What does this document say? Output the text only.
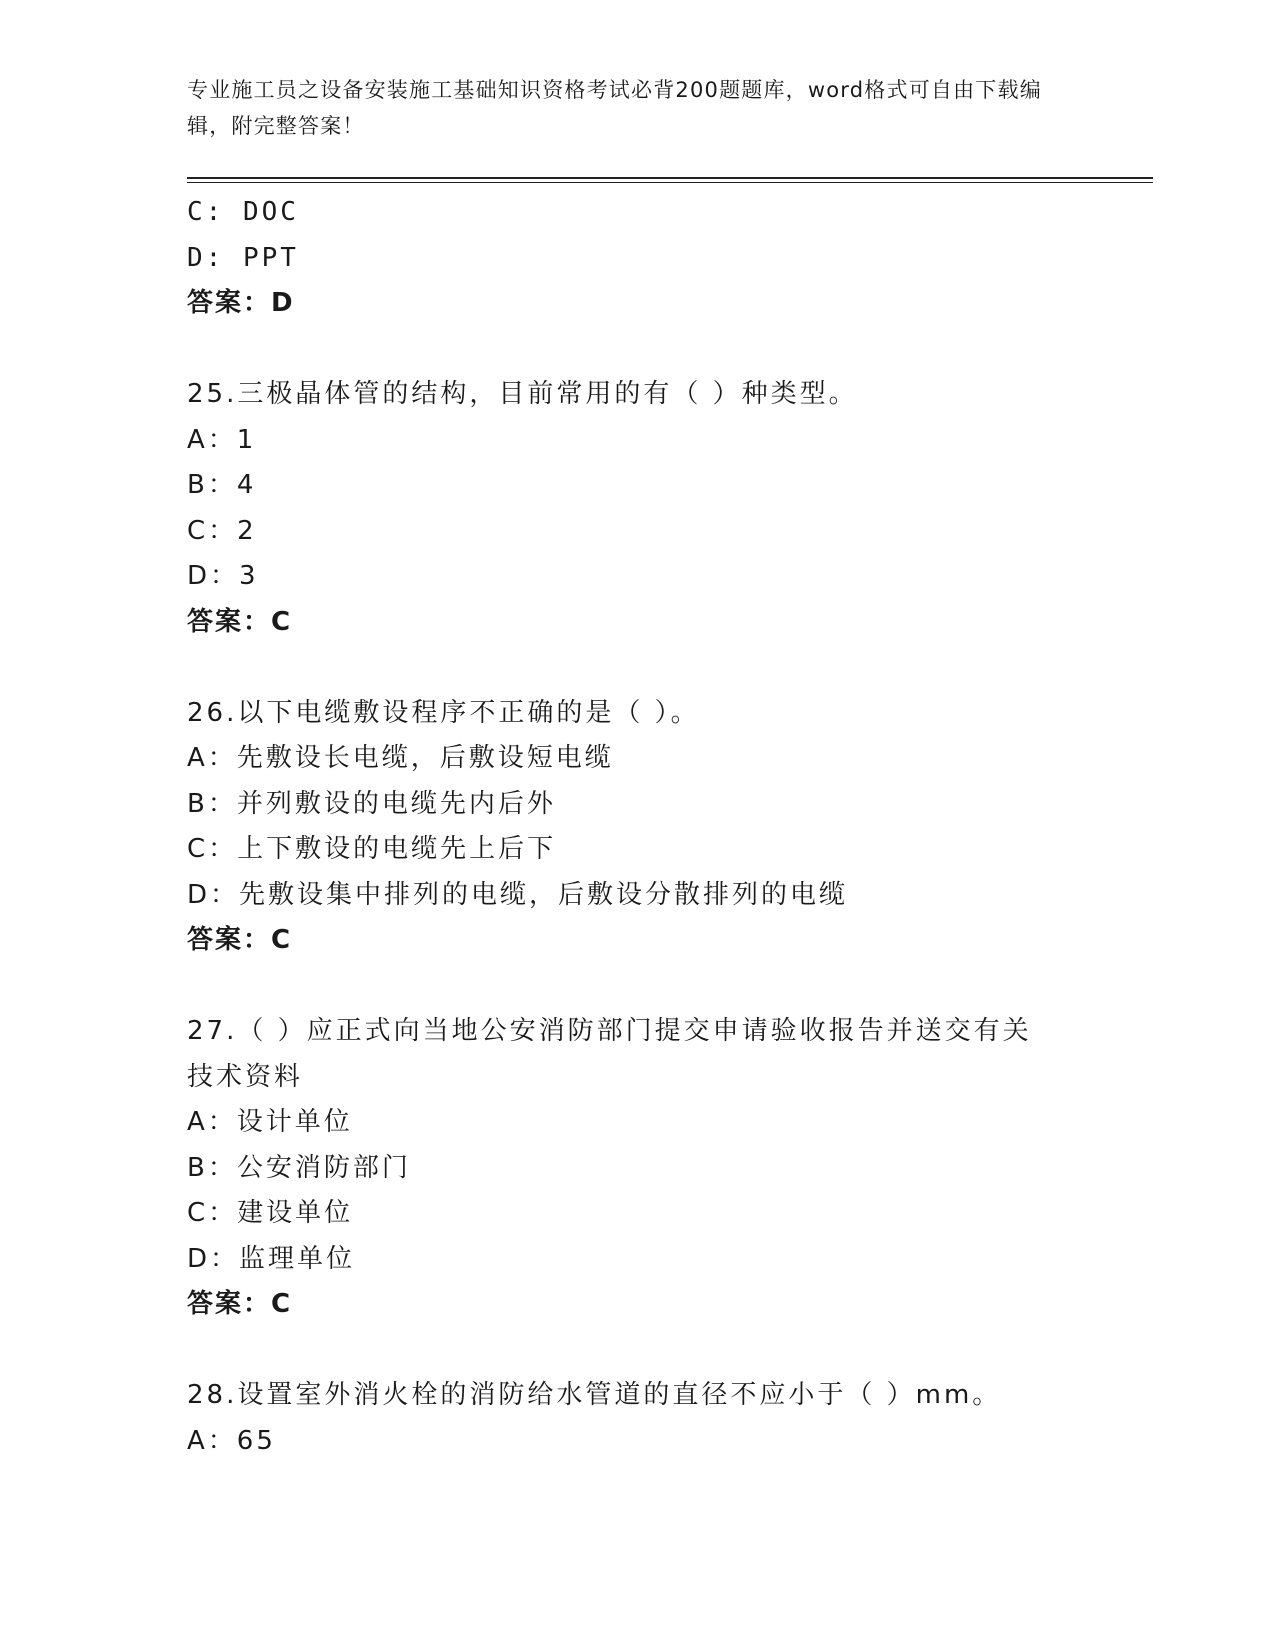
专业施工员之设备安装施工基础知识资格考试必背200题题库，word格式可自由下载编辑，附完整答案！
C: DOC
D: PPT
答案：D
25.三极晶体管的结构，目前常用的有（ ）种类型。
A：1
B：4
C：2
D：3
答案：C
26.以下电缆敷设程序不正确的是（ ）。
A：先敷设长电缆，后敷设短电缆
B：并列敷设的电缆先内后外
C：上下敷设的电缆先上后下
D：先敷设集中排列的电缆，后敷设分散排列的电缆
答案：C
27.（ ）应正式向当地公安消防部门提交申请验收报告并送交有关技术资料
A：设计单位
B：公安消防部门
C：建设单位
D：监理单位
答案：C
28.设置室外消火栓的消防给水管道的直径不应小于（ ）mm。
A：65
